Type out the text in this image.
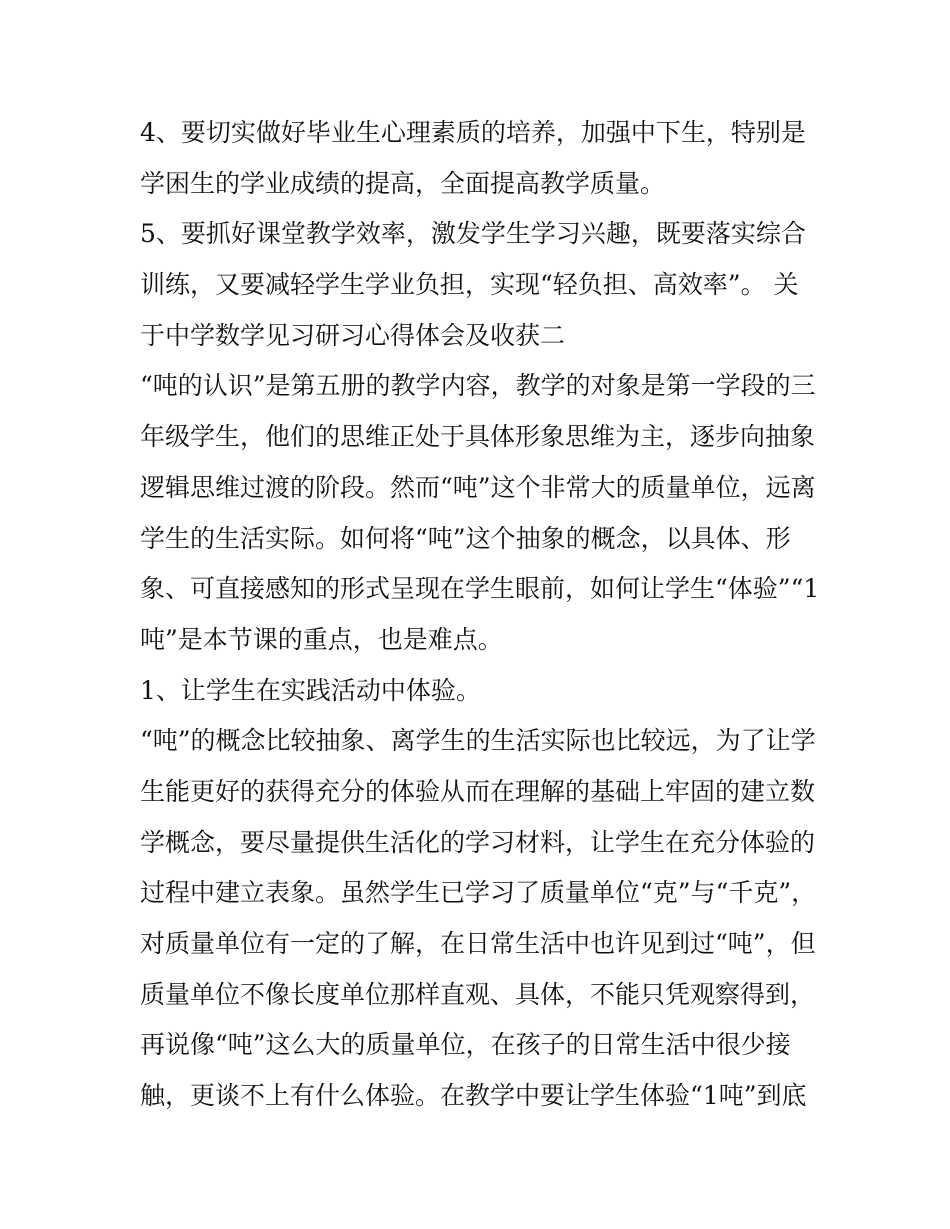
4、要切实做好毕业生心理素质的培养，加强中下生，特别是
学困生的学业成绩的提高，全面提高教学质量。
5、要抓好课堂教学效率，激发学生学习兴趣，既要落实综合
训练，又要减轻学生学业负担，实现“轻负担、高效率”。 关
于中学数学见习研习心得体会及收获二
“吨的认识”是第五册的教学内容，教学的对象是第一学段的三
年级学生，他们的思维正处于具体形象思维为主，逐步向抽象
逻辑思维过渡的阶段。然而“吨”这个非常大的质量单位，远离
学生的生活实际。如何将“吨”这个抽象的概念，以具体、形
象、可直接感知的形式呈现在学生眼前，如何让学生“体验”“1
吨”是本节课的重点，也是难点。
1、让学生在实践活动中体验。
“吨”的概念比较抽象、离学生的生活实际也比较远，为了让学
生能更好的获得充分的体验从而在理解的基础上牢固的建立数
学概念，要尽量提供生活化的学习材料，让学生在充分体验的
过程中建立表象。虽然学生已学习了质量单位“克”与“千克”，
对质量单位有一定的了解，在日常生活中也许见到过“吨”，但
质量单位不像长度单位那样直观、具体，不能只凭观察得到，
再说像“吨”这么大的质量单位，在孩子的日常生活中很少接
触，更谈不上有什么体验。在教学中要让学生体验“1吨”到底
